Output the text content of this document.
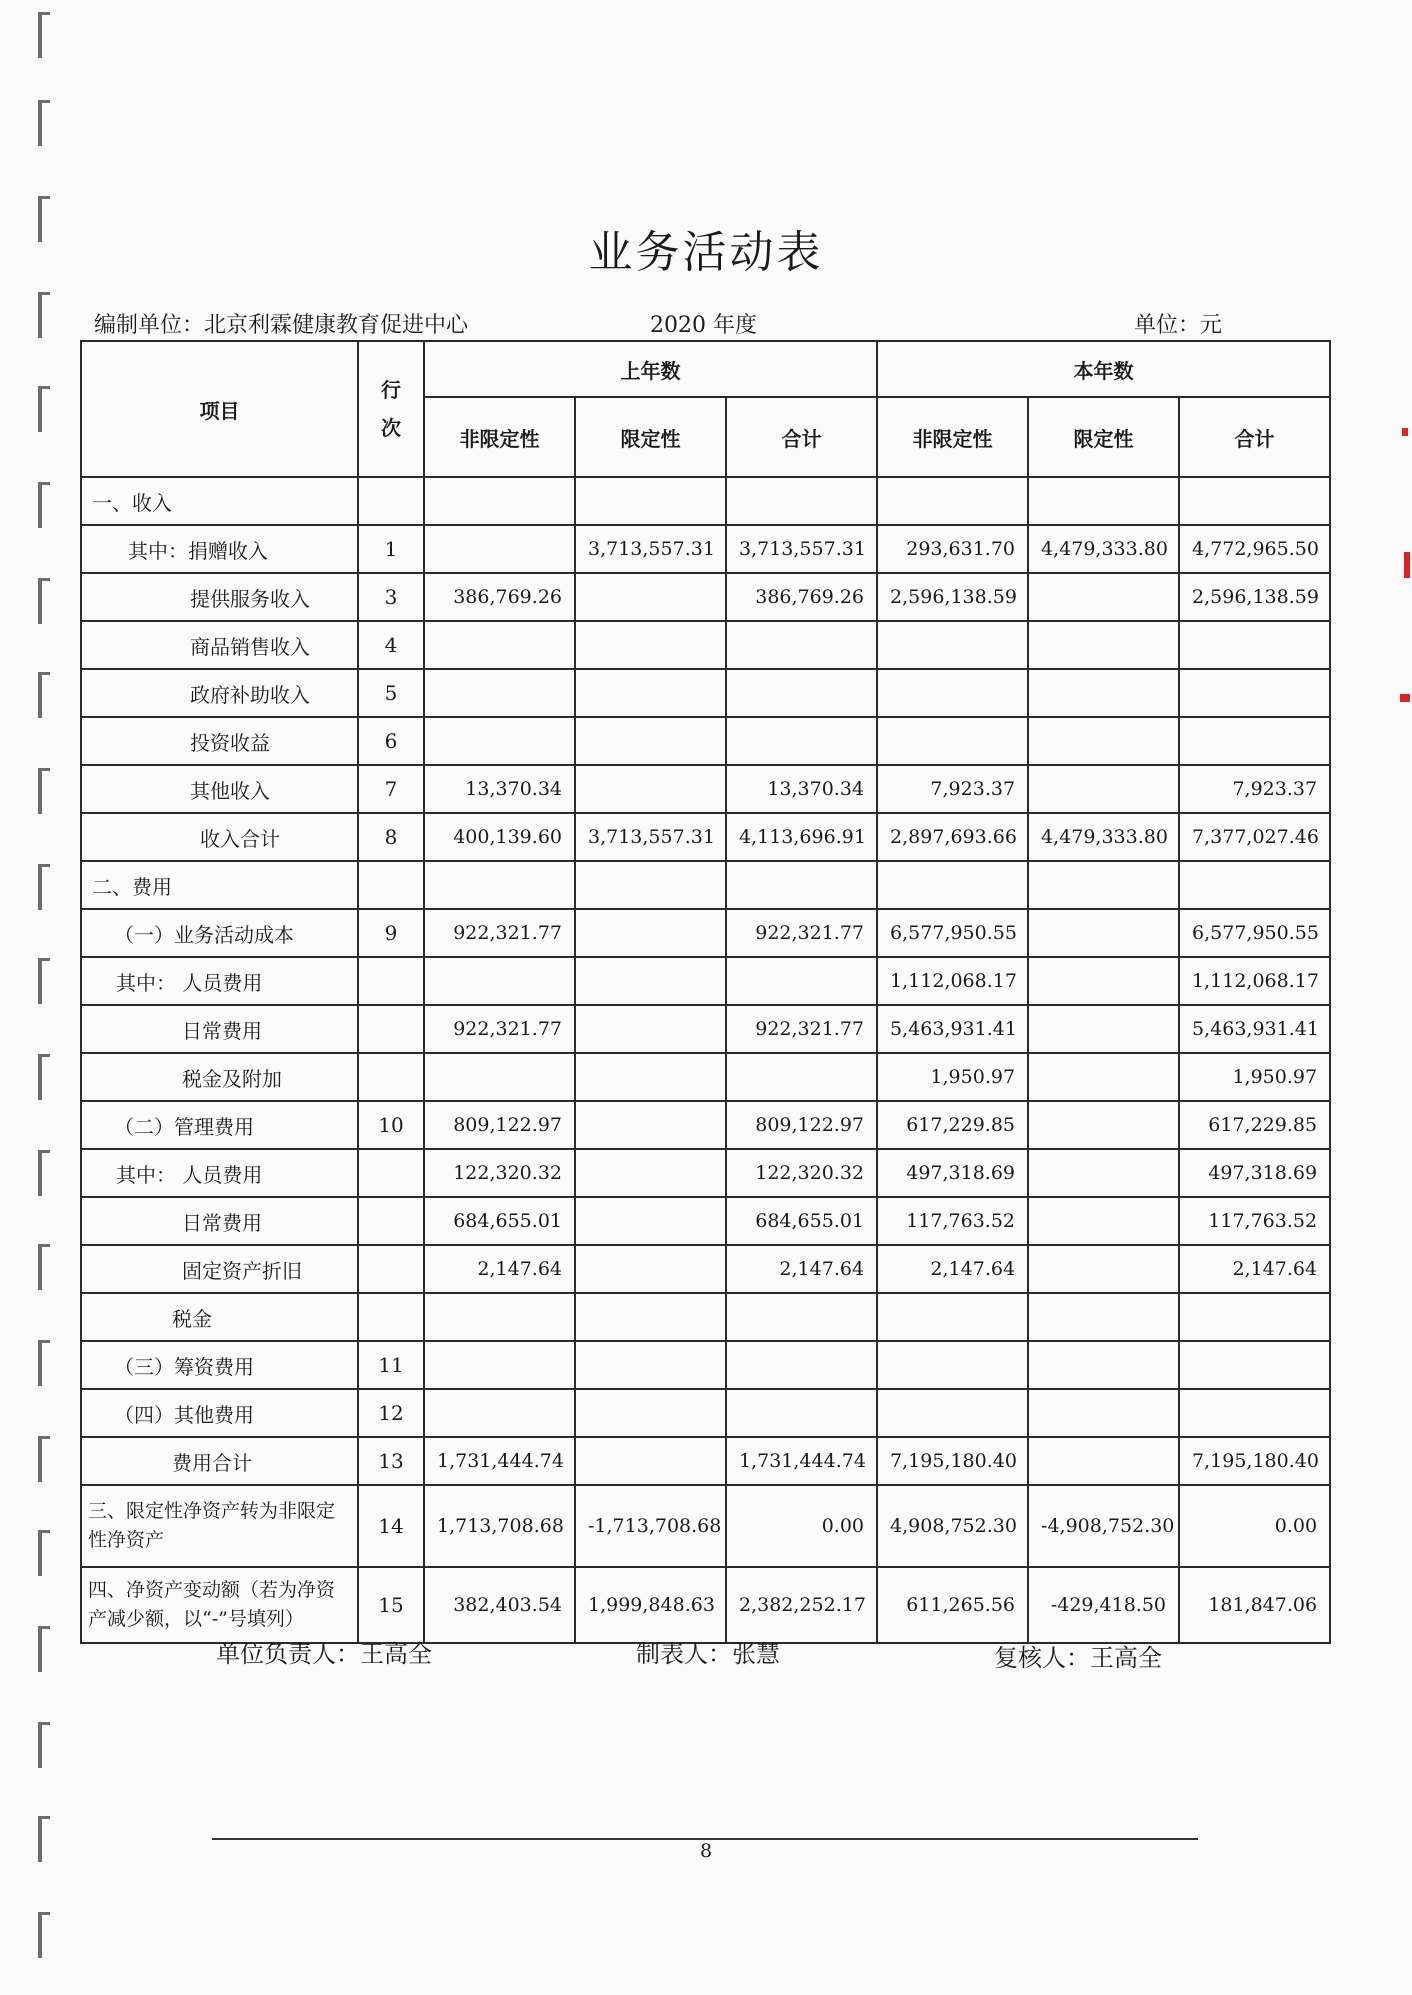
业务活动表
编制单位：北京利霖健康教育促进中心	2020 年度	单位：元
项目	行次	上年数			本年数		
		非限定性	限定性	合计	非限定性	限定性	合计
一、收入							
其中：捐赠收入	1		3,713,557.31	3,713,557.31	293,631.70	4,479,333.80	4,772,965.50
提供服务收入	3	386,769.26		386,769.26	2,596,138.59		2,596,138.59
商品销售收入	4						
政府补助收入	5						
投资收益	6						
其他收入	7	13,370.34		13,370.34	7,923.37		7,923.37
收入合计	8	400,139.60	3,713,557.31	4,113,696.91	2,897,693.66	4,479,333.80	7,377,027.46
二、费用							
（一）业务活动成本	9	922,321.77		922,321.77	6,577,950.55		6,577,950.55
其中： 人员费用					1,112,068.17		1,112,068.17
日常费用		922,321.77		922,321.77	5,463,931.41		5,463,931.41
税金及附加					1,950.97		1,950.97
（二）管理费用	10	809,122.97		809,122.97	617,229.85		617,229.85
其中： 人员费用		122,320.32		122,320.32	497,318.69		497,318.69
日常费用		684,655.01		684,655.01	117,763.52		117,763.52
固定资产折旧		2,147.64		2,147.64	2,147.64		2,147.64
税金							
（三）筹资费用	11						
（四）其他费用	12						
费用合计	13	1,731,444.74		1,731,444.74	7,195,180.40		7,195,180.40
三、限定性净资产转为非限定性净资产	14	1,713,708.68	-1,713,708.68	0.00	4,908,752.30	-4,908,752.30	0.00
四、净资产变动额（若为净资产减少额，以“-”号填列）	15	382,403.54	1,999,848.63	2,382,252.17	611,265.56	-429,418.50	181,847.06
单位负责人：王高全	制表人：张慧	复核人：王高全
8
